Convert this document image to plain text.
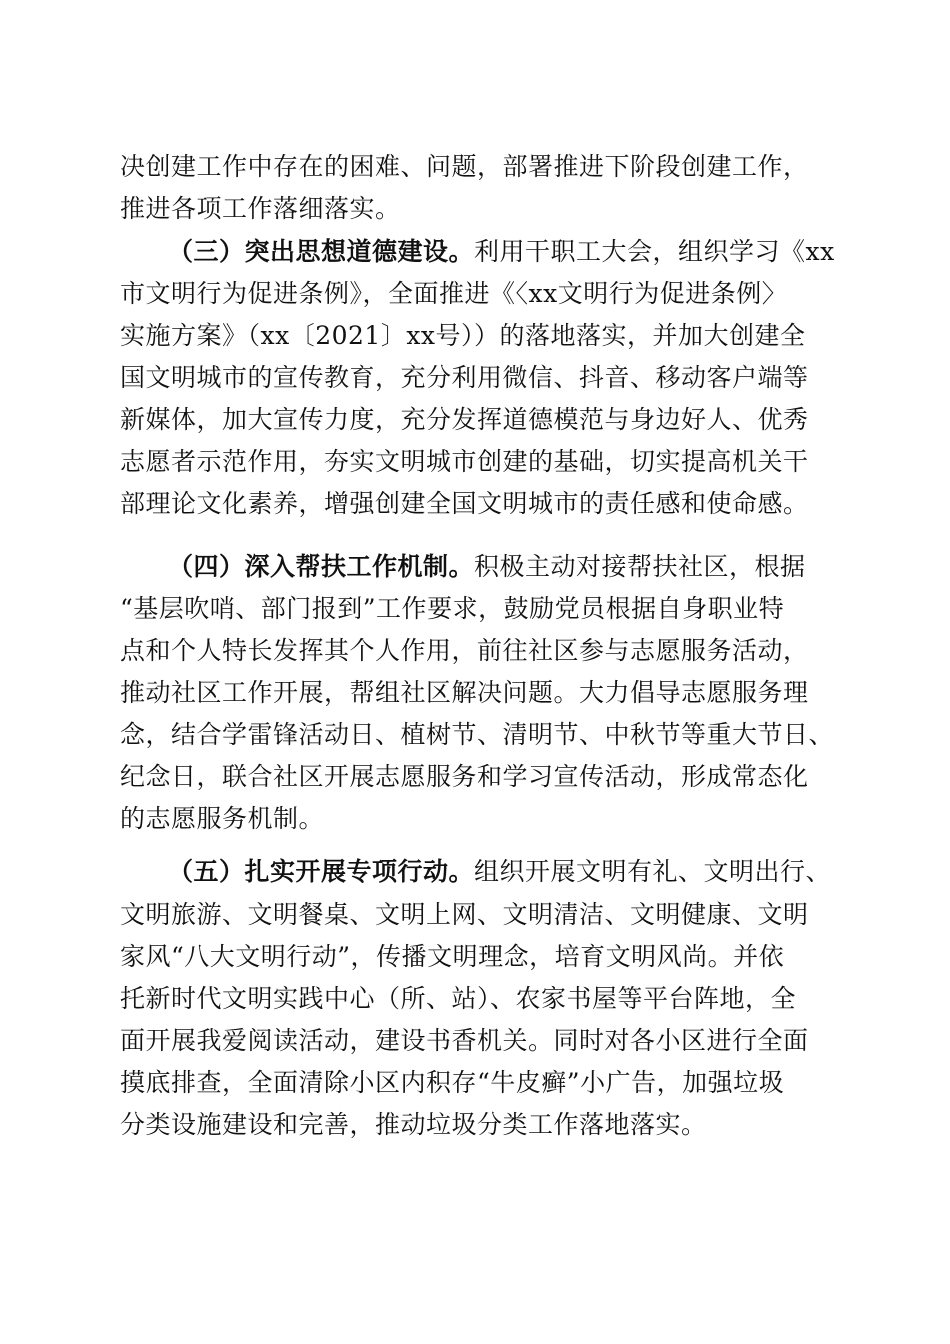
决创建工作中存在的困难、问题，部署推进下阶段创建工作，
推进各项工作落细落实。
（三）突出思想道德建设。利用干职工大会，组织学习《xx
市文明行为促进条例》，全面推进《〈xx文明行为促进条例〉
实施方案》（xx〔2021〕xx号））的落地落实，并加大创建全
国文明城市的宣传教育，充分利用微信、抖音、移动客户端等
新媒体，加大宣传力度，充分发挥道德模范与身边好人、优秀
志愿者示范作用，夯实文明城市创建的基础，切实提高机关干
部理论文化素养，增强创建全国文明城市的责任感和使命感。
（四）深入帮扶工作机制。积极主动对接帮扶社区，根据
“基层吹哨、部门报到”工作要求，鼓励党员根据自身职业特
点和个人特长发挥其个人作用，前往社区参与志愿服务活动，
推动社区工作开展，帮组社区解决问题。大力倡导志愿服务理
念，结合学雷锋活动日、植树节、清明节、中秋节等重大节日、
纪念日，联合社区开展志愿服务和学习宣传活动，形成常态化
的志愿服务机制。
（五）扎实开展专项行动。组织开展文明有礼、文明出行、
文明旅游、文明餐桌、文明上网、文明清洁、文明健康、文明
家风“八大文明行动”，传播文明理念，培育文明风尚。并依
托新时代文明实践中心（所、站）、农家书屋等平台阵地，全
面开展我爱阅读活动，建设书香机关。同时对各小区进行全面
摸底排查，全面清除小区内积存“牛皮癣”小广告，加强垃圾
分类设施建设和完善，推动垃圾分类工作落地落实。
